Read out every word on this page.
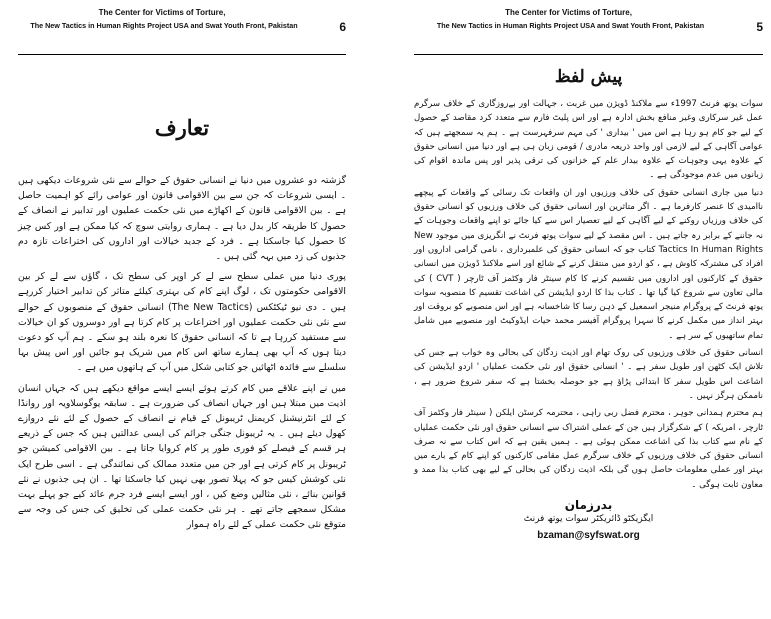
The Center for Victims of Torture,
The New Tactics in Human Rights Project USA and Swat Youth Front, Pakistan	6
تعارف

گزشتہ دو عشروں میں دنیا نے انسانی حقوق کے حوالے سے نئی شروعات دیکھی ہیں ۔ ایسی شروعات کہ جن سے بین الاقوامی قانون اور عوامی رائے کو اہمیت حاصل ہے ۔ بین الاقوامی قانون کے اکھاڑے میں نئی حکمت عملیوں اور تدابیر نے انصاف کے حصول کا طریقہ کار بدل دیا ہے ۔ ہماری روایتی سوچ کہ کیا ممکن ہے اور کس چیز کا حصول کیا جاسکتا ہے ۔ فرد کے جدید خیالات اور اداروں کی اختراعات تازہ دم جذبوں کی زد میں بہہ گئی ہیں ۔

پوری دنیا میں عملی سطح سے لے کر اوپر کی سطح تک ، گاؤں سے لے کر بین الاقوامی حکومتوں تک ، لوگ اپنے کام کی بہتری کیلئے متاثر کن تدابیر اختیار کررہے ہیں ۔ دی نیو ٹیکٹکس (The New Tactics) انسانی حقوق کے منصوبوں کے حوالے سے نئی نئی حکمت عملیوں اور اختراعات پر کام کرتا ہے اور دوسروں کو ان خیالات سے مستفید کررہا ہے تا کہ انسانی حقوق کا نعرہ بلند ہو سکے ۔ ہم آپ کو دعوت دیتا ہوں کہ آپ بھی ہمارے ساتھ اس کام میں شریک ہو جائیں اور اس پیش بہا سلسلے سے فائدہ اٹھائیں جو کتابی شکل میں آپ کے ہاتھوں میں ہے ۔

میں نے اپنے علاقے میں کام کرتے ہوئے ایسے ایسے مواقع دیکھے ہیں کہ جہاں انسان اذیت میں مبتلا ہیں اور جہاں انصاف کی ضرورت ہے ۔ سابقہ یوگوسلاویہ اور روانڈا کے لئے انٹرنیشنل کریمنل ٹریبونل کے قیام نے انصاف کے حصول کے لئے نئے دروازے کھول دیئے ہیں ۔ یہ ٹریبونل جنگی جرائم کی ایسی عدالتیں ہیں کہ جس کے ذریعے ہر قسم کے فیصلے کو فوری طور پر کام کروایا جاتا ہے ۔ بین الاقوامی کمیشن جو ٹریبونل پر کام کرتی ہے اور جن میں متعدد ممالک کی نمائندگی ہے ۔ اسی طرح ایک نئی کوشش کیس جو کہ پہلا تصور بھی نہیں کیا جاسکتا تھا ۔ ان ہی جذبوں نے نئے قوانین بنائے ، نئی مثالیں وضع کیں ، اور ایسے ایسے فرد جرم عائد کیے جو پہلے بہت مشکل سمجھے جاتے تھے ۔ ہر نئی حکمت عملی کی تخلیق کی جس کی وجہ سے متوقع نئی حکمت عملی کے لئے راہ ہموار

The Center for Victims of Torture,
The New Tactics in Human Rights Project USA and Swat Youth Front, Pakistan	5
پیش لفظ

سوات یوتھ فرنٹ 1997ء سے ملاکنڈ ڈویژن میں غربت ، جہالت اور بےروزگاری کے خلاف سرگرم عمل غیر سرکاری وغیر منافع بخش ادارہ ہے اور اس پلیٹ فارم سے متعدد کرد مقاصد کے حصول کے لیے جو کام ہو رہا ہے اس میں ' بیداری ' کی مہم سرفہرست ہے ۔ ہم یہ سمجھتے ہیں کہ عوامی آگاہی کے لیے لازمی اور واحد ذریعہ مادری / قومی زبان ہی ہے اور دنیا میں انسانی حقوق کے علاوہ یہی وجوہات کے علاوہ بیدار علم کے خزانوں کی ترقی پذیر اور پس ماندہ اقوام کی زبانوں میں عدم موجودگی ہے ۔

دنیا میں جاری انسانی حقوق کی خلاف ورزیوں اور ان واقعات تک رسائی کے واقعات کے پیچھے ناامیدی کا عنصر کارفرما ہے ۔ اگر متاثرین اور انسانی حقوق کی خلاف ورزیوں کو انسانی حقوق کی خلاف ورزیاں روکنے کے لیے آگاہی کے لیے تعصیار اس سے کیا جائے تو اپنے واقعات وجوہات کے نہ جاننے کے برابر رہ جاتے ہیں ۔ اس مقصد کے لیے سوات یوتھ فرنٹ نے انگریزی میں موجود New Tactics In Human Rights کتاب جو کہ انسانی حقوق کی علمبرداری ، نامی گرامی اداروں اور افراد کی مشترکہ کاوش ہے ، کو اردو میں منتقل کرنے کے شائع اور اسے ملاکنڈ ڈویژن میں انسانی حقوق کے کارکنوں اور اداروں میں تقسیم کرنے کا کام سینٹر فار وکٹمز آف ٹارچر ( CVT ) کی مالی تعاون سے شروع کیا گیا تھا ۔ کتاب بذا کا اردو ایڈیشن کی اشاعت تقسیم کا منصوبہ سوات یوتھ فرنٹ کے پروگرام منیجر اسمعیل کے ذہن رسا کا شاخسانہ ہے اور اس منصوبے کو بروقت اور بہتر انداز میں مکمل کرنے کا سہرا پروگرام آفیسر محمد حیات ایڈوکیٹ اور منصوبے میں شامل تمام ساتھیوں کے سر ہے ۔

انسانی حقوق کی خلاف ورزیوں کی روک تھام اور اذیت زدگان کی بحالی وہ خواب ہے جس کی تلاش ایک کٹھن اور طویل سفر ہے ۔ ' انسانی حقوق اور نئی حکمت عملیاں ' اردو ایڈیشن کی اشاعت اس طویل سفر کا ابتدائی پڑاؤ ہے جو حوصلہ بخشتا ہے کہ سفر شروع ضرور ہے ، ناممکن ہرگز نہیں ۔

ہم محترم ہمدانی جوہر ، محترم فضل ربی راہی ، محترمہ کرسٹن ایلکن ( سینٹر فار وکٹمز آف ٹارچر ، امریکہ ) کے شکرگزار ہیں جن کے عملی اشتراک سے انسانی حقوق اور نئی حکمت عملیاں کے نام سے کتاب بذا کی اشاعت ممکن ہوئی ہے ۔ ہمیں یقین ہے کہ اس کتاب سے نہ صرف انسانی حقوق کی خلاف ورزیوں کے خلاف سرگرم عمل مقامی کارکنوں کو اپنے کام کے بارے میں بہتر اور عملی معلومات حاصل ہوں گی بلکہ اذیت زدگان کی بحالی کے لیے بھی کتاب بذا ممد و معاون ثابت ہوگی ۔

بدرزمان
ایگزیکٹو ڈائریکٹر سوات یوتھ فرنٹ
bzaman@syfswat.org
